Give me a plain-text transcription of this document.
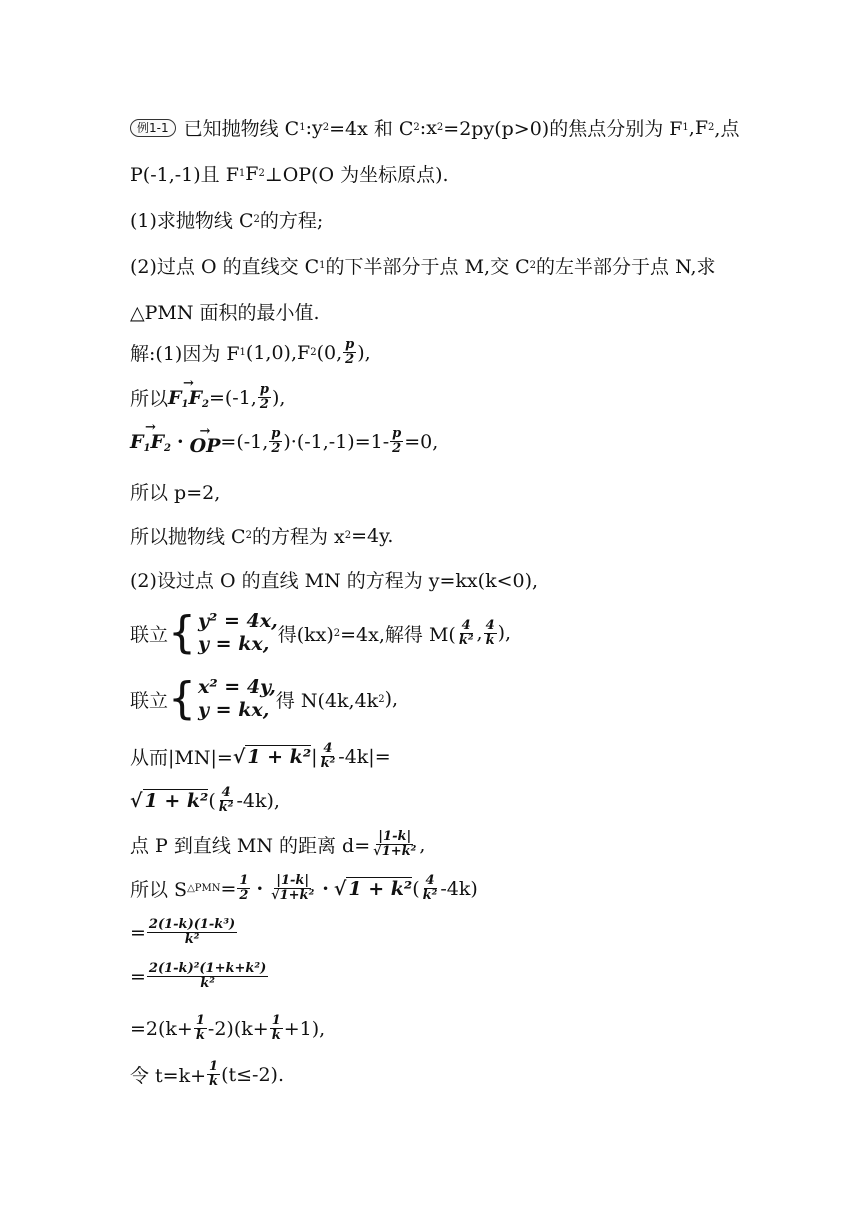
例1-1 已知抛物线 C 1 :y 2 =4x 和 C 2 :x 2 =2py(p>0)的焦点分别为 F 1 ,F 2 ,点
P(-1,-1)且 F 1 F 2 ⊥OP(O 为坐标原点).
(1)求抛物线 C 2 的方程;
(2)过点 O 的直线交 C 1 的下半部分于点 M,交 C 2 的左半部分于点 N,求
△PMN 面积的最小值.
解:(1)因为 F 1 (1,0),F 2 (0, $\frac{p}{2}$ ),
所以
→
$F_1F_2 =(-1$, $\frac{p}{2}$ ),
→
$F_1F_2$ · →
OP =(-1, $\frac{p}{2} )\cdot(-1,-1)=1- \frac{p}{2} =0$,
所以 p=2,
所以抛物线 C 2 的方程为 x 2 =4y.
(2)设过点 O 的直线 MN 的方程为 y=kx(k<0),
联立 { y² = 4x,
y = kx, 得(kx) 2 =4x,解得 $M( \frac{4}{\text{k²}}$ , $\frac{4}{k}$ ),
联立 { x² = 4y,
y = kx, 得 N(4k,4k 2 ),
从而|MN|= √ 1 + k² | $\frac{4}{\text{k²}} -4k|=$
√ 1 + k² ( $\frac{4}{\text{k²}} -4k$),
点 P 到直线 MN 的距离 $d= \frac{|1-k|}{\text{√1+k²}}$ ,
所以 S △PMN = $\frac{1}{2} \cdot \frac{|1-k|}{\text{√1+k²}}$ · √ 1 + k² ( $\frac{4}{\text{k²}} -4k$)
= $\frac{\text{2(1-k)(1-k³)}}{\text{k²}}$
= $\frac{\text{2(1-k)²(1+k+k²)}}{\text{k²}}$
$=2(k+ \frac{1}{k} -2)(k+ \frac{1}{k} +1)$,
令 $t=k+ \frac{1}{k} (t\le-2)$.
